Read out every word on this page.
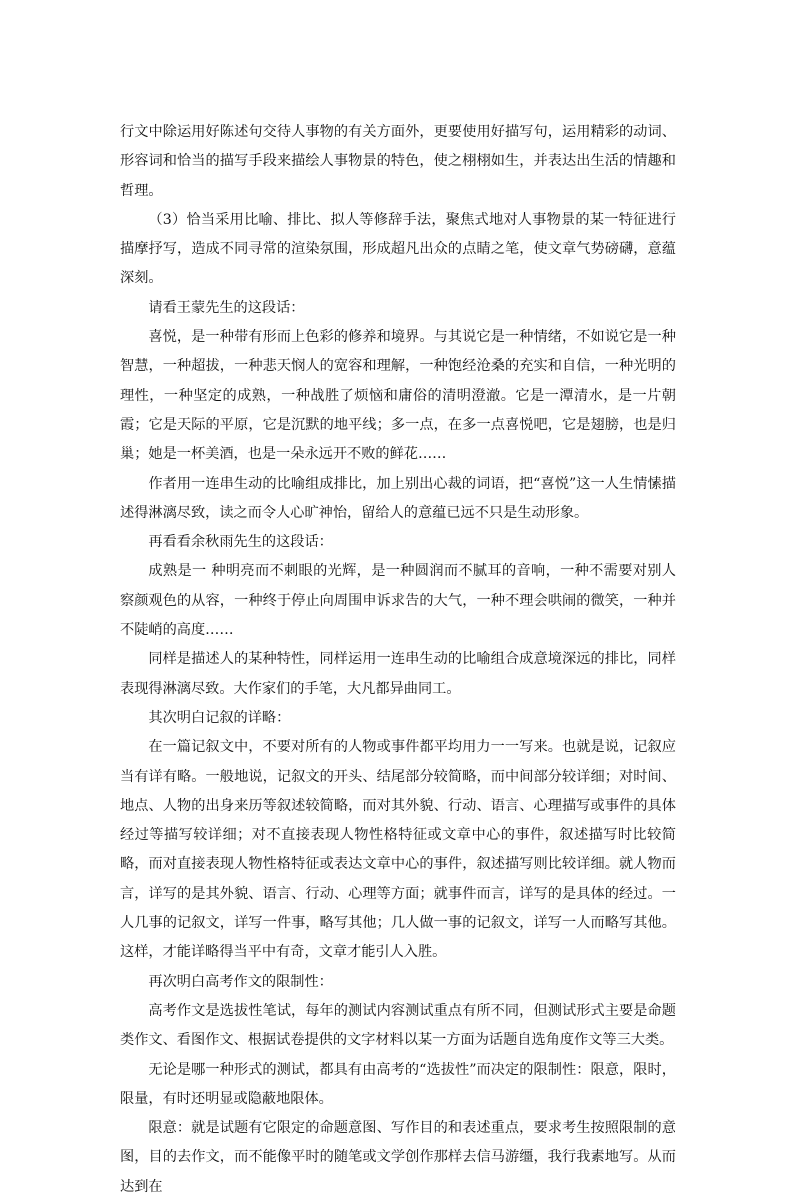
行文中除运用好陈述句交待人事物的有关方面外，更要使用好描写句，运用精彩的动词、形容词和恰当的描写手段来描绘人事物景的特色，使之栩栩如生，并表达出生活的情趣和哲理。

（3）恰当采用比喻、排比、拟人等修辞手法，聚焦式地对人事物景的某一特征进行描摩抒写，造成不同寻常的渲染氛围，形成超凡出众的点睛之笔，使文章气势磅礴，意蕴深刻。

请看王蒙先生的这段话：

喜悦，是一种带有形而上色彩的修养和境界。与其说它是一种情绪，不如说它是一种智慧，一种超拔，一种悲天悯人的宽容和理解，一种饱经沧桑的充实和自信，一种光明的理性，一种坚定的成熟，一种战胜了烦恼和庸俗的清明澄澈。它是一潭清水，是一片朝霞；它是天际的平原，它是沉默的地平线；多一点，在多一点喜悦吧，它是翅膀，也是归巢；她是一杯美酒，也是一朵永远开不败的鲜花……

作者用一连串生动的比喻组成排比，加上别出心裁的词语，把“喜悦”这一人生情愫描述得淋漓尽致，读之而令人心旷神怡，留给人的意蕴已远不只是生动形象。

再看看余秋雨先生的这段话：

成熟是一 种明亮而不刺眼的光辉，是一种圆润而不腻耳的音响，一种不需要对别人察颜观色的从容，一种终于停止向周围申诉求告的大气，一种不理会哄闹的微笑，一种并不陡峭的高度……

同样是描述人的某种特性，同样运用一连串生动的比喻组合成意境深远的排比，同样表现得淋漓尽致。大作家们的手笔，大凡都异曲同工。

其次明白记叙的详略：

在一篇记叙文中，不要对所有的人物或事件都平均用力一一写来。也就是说，记叙应当有详有略。一般地说，记叙文的开头、结尾部分较简略，而中间部分较详细；对时间、地点、人物的出身来历等叙述较简略，而对其外貌、行动、语言、心理描写或事件的具体经过等描写较详细；对不直接表现人物性格特征或文章中心的事件，叙述描写时比较简略，而对直接表现人物性格特征或表达文章中心的事件，叙述描写则比较详细。就人物而言，详写的是其外貌、语言、行动、心理等方面；就事件而言，详写的是具体的经过。一人几事的记叙文，详写一件事，略写其他；几人做一事的记叙文，详写一人而略写其他。这样，才能详略得当平中有奇，文章才能引人入胜。

再次明白高考作文的限制性：

高考作文是选拔性笔试，每年的测试内容测试重点有所不同，但测试形式主要是命题类作文、看图作文、根据试卷提供的文字材料以某一方面为话题自选角度作文等三大类。

无论是哪一种形式的测试，都具有由高考的“选拔性”而决定的限制性：限意，限时，限量，有时还明显或隐蔽地限体。

限意：就是试题有它限定的命题意图、写作目的和表述重点，要求考生按照限制的意图，目的去作文，而不能像平时的随笔或文学创作那样去信马游缰，我行我素地写。从而达到在
